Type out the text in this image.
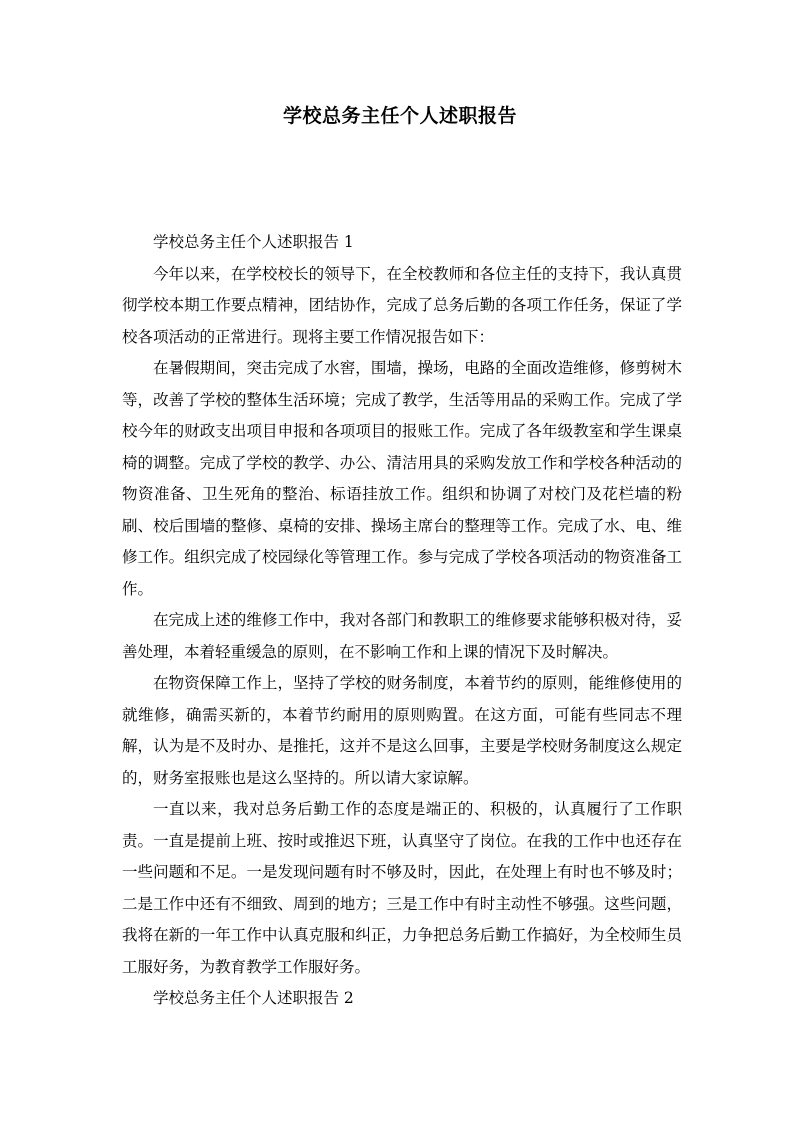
学校总务主任个人述职报告

学校总务主任个人述职报告 1

今年以来，在学校校长的领导下，在全校教师和各位主任的支持下，我认真贯彻学校本期工作要点精神，团结协作，完成了总务后勤的各项工作任务，保证了学校各项活动的正常进行。现将主要工作情况报告如下：

在暑假期间，突击完成了水窖，围墙，操场，电路的全面改造维修，修剪树木等，改善了学校的整体生活环境；完成了教学，生活等用品的采购工作。完成了学校今年的财政支出项目申报和各项项目的报账工作。完成了各年级教室和学生课桌椅的调整。完成了学校的教学、办公、清洁用具的采购发放工作和学校各种活动的物资准备、卫生死角的整治、标语挂放工作。组织和协调了对校门及花栏墙的粉刷、校后围墙的整修、桌椅的安排、操场主席台的整理等工作。完成了水、电、维修工作。组织完成了校园绿化等管理工作。参与完成了学校各项活动的物资准备工作。

在完成上述的维修工作中，我对各部门和教职工的维修要求能够积极对待，妥善处理，本着轻重缓急的原则，在不影响工作和上课的情况下及时解决。

在物资保障工作上，坚持了学校的财务制度，本着节约的原则，能维修使用的就维修，确需买新的，本着节约耐用的原则购置。在这方面，可能有些同志不理解，认为是不及时办、是推托，这并不是这么回事，主要是学校财务制度这么规定的，财务室报账也是这么坚持的。所以请大家谅解。

一直以来，我对总务后勤工作的态度是端正的、积极的，认真履行了工作职责。一直是提前上班、按时或推迟下班，认真坚守了岗位。在我的工作中也还存在一些问题和不足。一是发现问题有时不够及时，因此，在处理上有时也不够及时；二是工作中还有不细致、周到的地方；三是工作中有时主动性不够强。这些问题，我将在新的一年工作中认真克服和纠正，力争把总务后勤工作搞好，为全校师生员工服好务，为教育教学工作服好务。

学校总务主任个人述职报告 2
